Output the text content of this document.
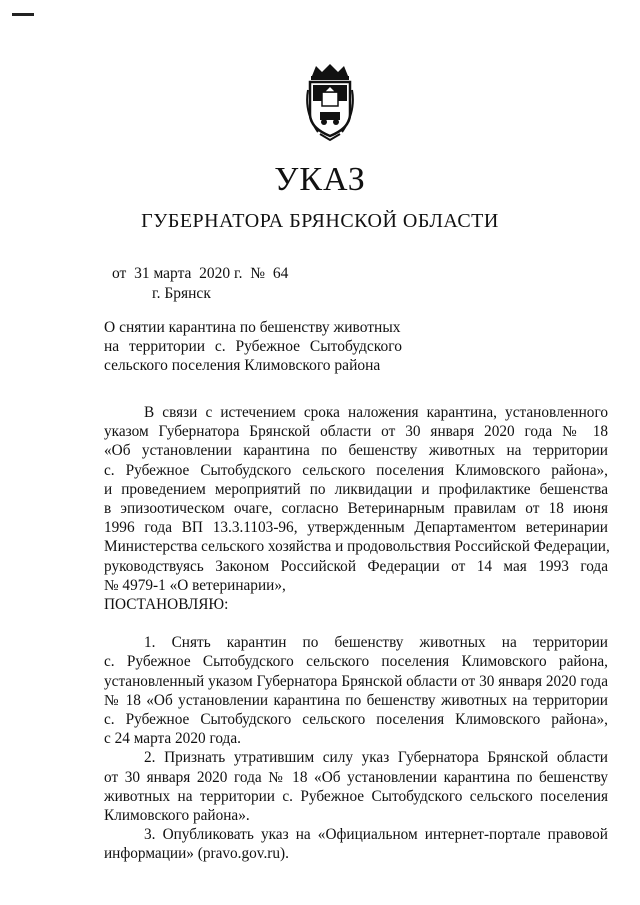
УКАЗ
ГУБЕРНАТОРА БРЯНСКОЙ ОБЛАСТИ
от  31 марта  2020 г.  №  64
г. Брянск
О снятии карантина по бешенству животных
на территории с. Рубежное Сытобудского
сельского поселения Климовского района
В связи с истечением срока наложения карантина, установленного
указом Губернатора Брянской области от 30 января 2020 года № 18
«Об установлении карантина по бешенству животных на территории
с. Рубежное Сытобудского сельского поселения Климовского района»,
и проведением мероприятий по ликвидации и профилактике бешенства
в эпизоотическом очаге, согласно Ветеринарным правилам от 18 июня
1996 года ВП 13.3.1103-96, утвержденным Департаментом ветеринарии
Министерства сельского хозяйства и продовольствия Российской Федерации,
руководствуясь Законом Российской Федерации от 14 мая 1993 года
№ 4979-1 «О ветеринарии»,
ПОСТАНОВЛЯЮ:
1. Снять карантин по бешенству животных на территории
с. Рубежное Сытобудского сельского поселения Климовского района,
установленный указом Губернатора Брянской области от 30 января 2020 года
№ 18 «Об установлении карантина по бешенству животных на территории
с. Рубежное Сытобудского сельского поселения Климовского района»,
с 24 марта 2020 года.
2. Признать утратившим силу указ Губернатора Брянской области
от 30 января 2020 года № 18 «Об установлении карантина по бешенству
животных на территории с. Рубежное Сытобудского сельского поселения
Климовского района».
3. Опубликовать указ на «Официальном интернет-портале правовой
информации» (pravo.gov.ru).
